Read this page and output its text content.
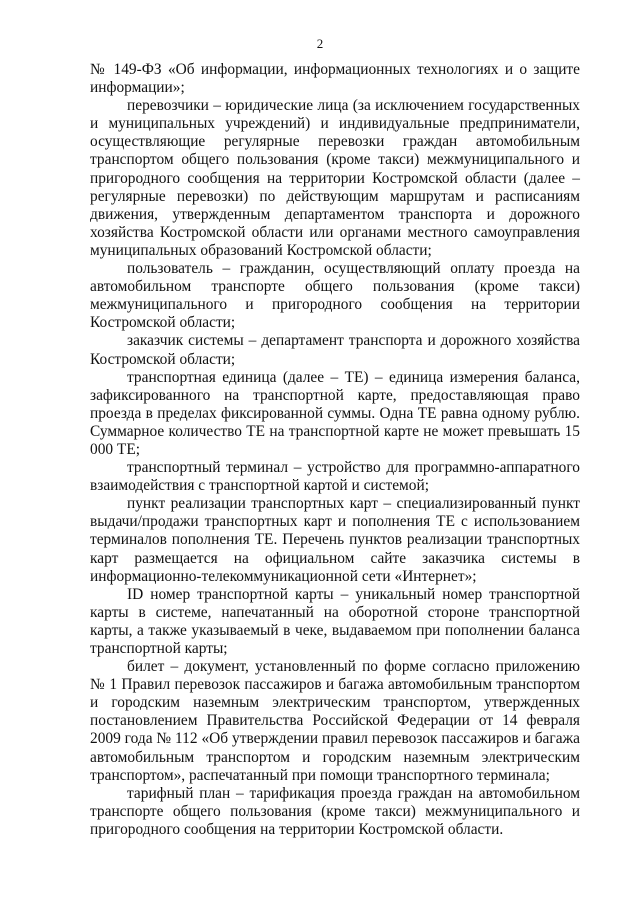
2

№ 149-ФЗ «Об информации, информационных технологиях и о защите информации»;

перевозчики – юридические лица (за исключением государственных и муниципальных учреждений) и индивидуальные предприниматели, осуществляющие регулярные перевозки граждан автомобильным транспортом общего пользования (кроме такси) межмуниципального и пригородного сообщения на территории Костромской области (далее – регулярные перевозки) по действующим маршрутам и расписаниям движения, утвержденным департаментом транспорта и дорожного хозяйства Костромской области или органами местного самоуправления муниципальных образований Костромской области;

пользователь – гражданин, осуществляющий оплату проезда на автомобильном транспорте общего пользования (кроме такси) межмуниципального и пригородного сообщения на территории Костромской области;

заказчик системы – департамент транспорта и дорожного хозяйства Костромской области;

транспортная единица (далее – ТЕ) – единица измерения баланса, зафиксированного на транспортной карте, предоставляющая право проезда в пределах фиксированной суммы. Одна ТЕ равна одному рублю. Суммарное количество ТЕ на транспортной карте не может превышать 15 000 ТЕ;

транспортный терминал – устройство для программно-аппаратного взаимодействия с транспортной картой и системой;

пункт реализации транспортных карт – специализированный пункт выдачи/продажи транспортных карт и пополнения ТЕ с использованием терминалов пополнения ТЕ. Перечень пунктов реализации транспортных карт размещается на официальном сайте заказчика системы в информационно-телекоммуникационной сети «Интернет»;

ID номер транспортной карты – уникальный номер транспортной карты в системе, напечатанный на оборотной стороне транспортной карты, а также указываемый в чеке, выдаваемом при пополнении баланса транспортной карты;

билет – документ, установленный по форме согласно приложению № 1 Правил перевозок пассажиров и багажа автомобильным транспортом и городским наземным электрическим транспортом, утвержденных постановлением Правительства Российской Федерации от 14 февраля 2009 года № 112 «Об утверждении правил перевозок пассажиров и багажа автомобильным транспортом и городским наземным электрическим транспортом», распечатанный при помощи транспортного терминала;

тарифный план – тарификация проезда граждан на автомобильном транспорте общего пользования (кроме такси) межмуниципального и пригородного сообщения на территории Костромской области.
